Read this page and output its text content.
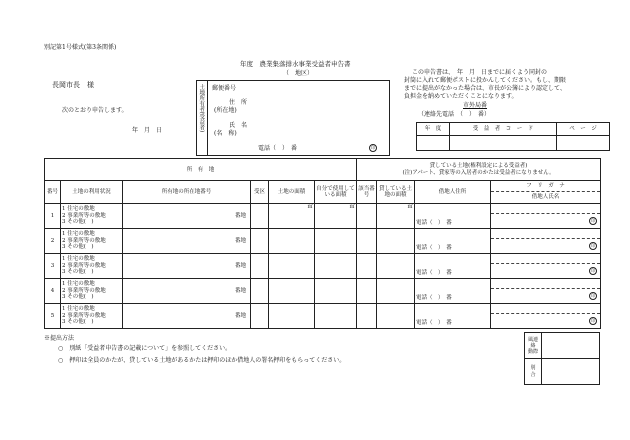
別記第1号様式(第3条関係)
長岡市長　様
次のとおり申告します。
年　月　日
年度　農業集落排水事業受益者申告書
（　地区）
土地所有者(受益者) 郵便番号
住　所
(所在地)
氏　名
(名　称)
電話（　）　番	印
この申告書は、　年　月　日までに届くよう同封の
封筒に入れて郵便ポストに投かんしてください。もし、期限
までに提出がなかった場合は、市長が公簿により認定して、
負担金を納めていただくことになります。
市外局番
（連絡先電話　（　）　番）
年　度	受　益　者　コ　ー　ド	ペ　ー　ジ

所　有　地						貸している土地(権利設定による受益者)
(注)アパート、貸家等の入居者のかたは受益者になりません。			

番号	土地の利用状況	所有地の所在地番号	受区	土地の面積	自分で使用している面積	該当番号	貸している土地の面積	借地人住所	フ　リ　ガ　ナ
借地人氏名

1	1 住宅の敷地
2 事業所等の敷地
3 その他(　)	番地		㎡	㎡		㎡	電話（　）　番	印

2	1 住宅の敷地
2 事業所等の敷地
3 その他(　)	番地						電話（　）　番	印

3	1 住宅の敷地
2 事業所等の敷地
3 その他(　)	番地						電話（　）　番	印

4	1 住宅の敷地
2 事業所等の敷地
3 その他(　)	番地						電話（　）　番	印

5	1 住宅の敷地
2 事業所等の敷地
3 その他(　)	番地						電話（　）　番	印
※提出方法
○　別紙「受益者申告書の記載について」を参照してください。
○　押印は全員のかたが、貸している土地があるかたは押印のほか借地人の署名押印をもらってください。
風連絡
動際	

別
合	
